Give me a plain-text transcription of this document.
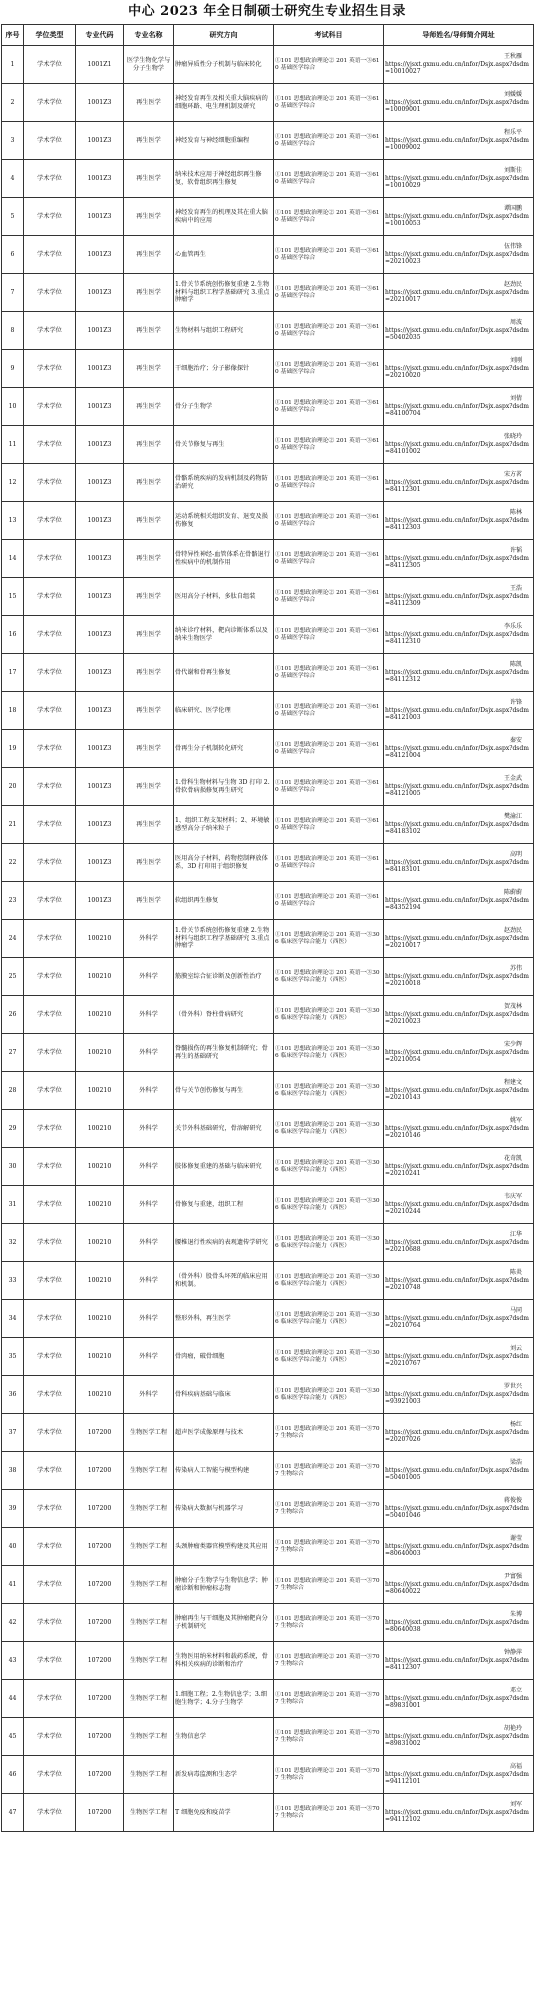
中心 2023 年全日制硕士研究生专业招生目录
序号	学位类型	专业代码	专业名称	研究方向	考试科目	导师姓名/导师简介网址
1	学术学位	1001Z1	医学生物化学与分子生物学	肿瘤异质性分子机制与临床转化	①101 思想政治理论② 201 英语一③610 基础医学综合	王秋雁
https://yjsxt.gxmu.edu.cn/infor/Dsjx.aspx?dsdm=10010027

2	学术学位	1001Z3	再生医学	神经发育再生及相关重大脑疾病的细胞环路、电生理机制及研究	①101 思想政治理论② 201 英语一③610 基础医学综合	刘媛媛
https://yjsxt.gxmu.edu.cn/infor/Dsjx.aspx?dsdm=10009001

3	学术学位	1001Z3	再生医学	神经发育与神经细胞重编程	①101 思想政治理论② 201 英语一③610 基础医学综合	程乐平
https://yjsxt.gxmu.edu.cn/infor/Dsjx.aspx?dsdm=10009002

4	学术学位	1001Z3	再生医学	纳米技术应用于神经组织再生修复，软骨组织再生修复	①101 思想政治理论② 201 英语一③610 基础医学综合	刘斯佳
https://yjsxt.gxmu.edu.cn/infor/Dsjx.aspx?dsdm=10010029

5	学术学位	1001Z3	再生医学	神经发育再生的机理及其在重大脑疾病中的应用	①101 思想政治理论② 201 英语一③610 基础医学综合	谭国鹏
https://yjsxt.gxmu.edu.cn/infor/Dsjx.aspx?dsdm=10010053

6	学术学位	1001Z3	再生医学	心血管再生	①101 思想政治理论② 201 英语一③610 基础医学综合	伍伟锋
https://yjsxt.gxmu.edu.cn/infor/Dsjx.aspx?dsdm=20210023

7	学术学位	1001Z3	再生医学	1.骨关节系统创伤修复重建 2.生物材料与组织工程学基础研究 3.重点肿瘤学	①101 思想政治理论② 201 英语一③610 基础医学综合	赵劲民
https://yjsxt.gxmu.edu.cn/infor/Dsjx.aspx?dsdm=20210017

8	学术学位	1001Z3	再生医学	生物材料与组织工程研究	①101 思想政治理论② 201 英语一③610 基础医学综合	周波
https://yjsxt.gxmu.edu.cn/infor/Dsjx.aspx?dsdm=50402035

9	学术学位	1001Z3	再生医学	干细胞治疗；分子影像探针	①101 思想政治理论② 201 英语一③610 基础医学综合	刘刚
https://yjsxt.gxmu.edu.cn/infor/Dsjx.aspx?dsdm=20210020

10	学术学位	1001Z3	再生医学	骨分子生物学	①101 思想政治理论② 201 英语一③610 基础医学综合	刘倩
https://yjsxt.gxmu.edu.cn/infor/Dsjx.aspx?dsdm=84100704

11	学术学位	1001Z3	再生医学	骨关节修复与再生	①101 思想政治理论② 201 英语一③610 基础医学综合	张晓玲
https://yjsxt.gxmu.edu.cn/infor/Dsjx.aspx?dsdm=84101002

12	学术学位	1001Z3	再生医学	骨骼系统疾病的发病机制及药物防治研究	①101 思想政治理论② 201 英语一③610 基础医学综合	宋方茗
https://yjsxt.gxmu.edu.cn/infor/Dsjx.aspx?dsdm=84112301

13	学术学位	1001Z3	再生医学	运动系统相关组织发育、退变及损伤修复	①101 思想政治理论② 201 英语一③610 基础医学综合	陈林
https://yjsxt.gxmu.edu.cn/infor/Dsjx.aspx?dsdm=84112303

14	学术学位	1001Z3	再生医学	骨特异性神经-血管体系在骨骼退行性疾病中的机制作用	①101 思想政治理论② 201 英语一③610 基础医学综合	许韬
https://yjsxt.gxmu.edu.cn/infor/Dsjx.aspx?dsdm=84112305

15	学术学位	1001Z3	再生医学	医用高分子材料，多肽自组装	①101 思想政治理论② 201 英语一③610 基础医学综合	王浩
https://yjsxt.gxmu.edu.cn/infor/Dsjx.aspx?dsdm=84112309

16	学术学位	1001Z3	再生医学	纳米诊疗材料，靶向诊断体系以及纳米生物医学	①101 思想政治理论② 201 英语一③610 基础医学综合	李乐乐
https://yjsxt.gxmu.edu.cn/infor/Dsjx.aspx?dsdm=84112310

17	学术学位	1001Z3	再生医学	骨代谢和骨再生修复	①101 思想政治理论② 201 英语一③610 基础医学综合	陈凯
https://yjsxt.gxmu.edu.cn/infor/Dsjx.aspx?dsdm=84112312

18	学术学位	1001Z3	再生医学	临床研究、医学伦理	①101 思想政治理论② 201 英语一③610 基础医学综合	许锋
https://yjsxt.gxmu.edu.cn/infor/Dsjx.aspx?dsdm=84121003

19	学术学位	1001Z3	再生医学	骨再生分子机制转化研究	①101 思想政治理论② 201 英语一③610 基础医学综合	秦安
https://yjsxt.gxmu.edu.cn/infor/Dsjx.aspx?dsdm=84121004

20	学术学位	1001Z3	再生医学	1.骨科生物材料与生物 3D 打印 2.骨软骨病损修复再生研究	①101 思想政治理论② 201 英语一③610 基础医学综合	王金武
https://yjsxt.gxmu.edu.cn/infor/Dsjx.aspx?dsdm=84121005

21	学术学位	1001Z3	再生医学	1、组织工程支架材料；2、环境敏感型高分子纳米粒子	①101 思想政治理论② 201 英语一③610 基础医学综合	樊渝江
https://yjsxt.gxmu.edu.cn/infor/Dsjx.aspx?dsdm=84183102

22	学术学位	1001Z3	再生医学	医用高分子材料，药物控制释放体系，3D 打印用于组织修复	①101 思想政治理论② 201 英语一③610 基础医学综合	高明
https://yjsxt.gxmu.edu.cn/infor/Dsjx.aspx?dsdm=84183101

23	学术学位	1001Z3	再生医学	软组织再生修复	①101 思想政治理论② 201 英语一③610 基础医学综合	陈蔚蔚
https://yjsxt.gxmu.edu.cn/infor/Dsjx.aspx?dsdm=84352194

24	学术学位	100210	外科学	1.骨关节系统创伤修复重建 2.生物材料与组织工程学基础研究 3.重点肿瘤学	①101 思想政治理论② 201 英语一③306 临床医学综合能力（西医）	赵劲民
https://yjsxt.gxmu.edu.cn/infor/Dsjx.aspx?dsdm=20210017

25	学术学位	100210	外科学	筋膜室综合征诊断及创新性治疗	①101 思想政治理论② 201 英语一③306 临床医学综合能力（西医）	苏伟
https://yjsxt.gxmu.edu.cn/infor/Dsjx.aspx?dsdm=20210018

26	学术学位	100210	外科学	（骨外科）脊柱骨病研究	①101 思想政治理论② 201 英语一③306 临床医学综合能力（西医）	贺茂林
https://yjsxt.gxmu.edu.cn/infor/Dsjx.aspx?dsdm=20210023

27	学术学位	100210	外科学	脊髓损伤的再生修复机制研究；骨再生的基础研究	①101 思想政治理论② 201 英语一③306 临床医学综合能力（西医）	宋少辉
https://yjsxt.gxmu.edu.cn/infor/Dsjx.aspx?dsdm=20210054

28	学术学位	100210	外科学	骨与关节创伤修复与再生	①101 思想政治理论② 201 英语一③306 临床医学综合能力（西医）	程建文
https://yjsxt.gxmu.edu.cn/infor/Dsjx.aspx?dsdm=20210143

29	学术学位	100210	外科学	关节外科基础研究，骨溶解研究	①101 思想政治理论② 201 英语一③306 临床医学综合能力（西医）	姚军
https://yjsxt.gxmu.edu.cn/infor/Dsjx.aspx?dsdm=20210146

30	学术学位	100210	外科学	肢体修复重建的基础与临床研究	①101 思想政治理论② 201 英语一③306 临床医学综合能力（西医）	花奇凯
https://yjsxt.gxmu.edu.cn/infor/Dsjx.aspx?dsdm=20210241

31	学术学位	100210	外科学	骨修复与重建，组织工程	①101 思想政治理论② 201 英语一③306 临床医学综合能力（西医）	韦庆军
https://yjsxt.gxmu.edu.cn/infor/Dsjx.aspx?dsdm=20210244

32	学术学位	100210	外科学	腰椎退行性疾病的表观遗传学研究	①101 思想政治理论② 201 英语一③306 临床医学综合能力（西医）	江华
https://yjsxt.gxmu.edu.cn/infor/Dsjx.aspx?dsdm=20210688

33	学术学位	100210	外科学	（骨外科）股骨头坏死的临床应用和机制。	①101 思想政治理论② 201 英语一③306 临床医学综合能力（西医）	陈炎
https://yjsxt.gxmu.edu.cn/infor/Dsjx.aspx?dsdm=20210748

34	学术学位	100210	外科学	整形外科，再生医学	①101 思想政治理论② 201 英语一③306 临床医学综合能力（西医）	马同
https://yjsxt.gxmu.edu.cn/infor/Dsjx.aspx?dsdm=20210764

35	学术学位	100210	外科学	骨肉瘤，破骨细胞	①101 思想政治理论② 201 英语一③306 临床医学综合能力（西医）	刘云
https://yjsxt.gxmu.edu.cn/infor/Dsjx.aspx?dsdm=20210767

36	学术学位	100210	外科学	骨科疾病基础与临床	①101 思想政治理论② 201 英语一③306 临床医学综合能力（西医）	罗世兴
https://yjsxt.gxmu.edu.cn/infor/Dsjx.aspx?dsdm=93921003

37	学术学位	107200	生物医学工程	超声医学成像原理与技术	①101 思想政治理论② 201 英语一③707 生物综合	杨红
https://yjsxt.gxmu.edu.cn/infor/Dsjx.aspx?dsdm=20207026

38	学术学位	107200	生物医学工程	传染病人工智能与模型构建	①101 思想政治理论② 201 英语一③707 生物综合	梁浩
https://yjsxt.gxmu.edu.cn/infor/Dsjx.aspx?dsdm=50401005

39	学术学位	107200	生物医学工程	传染病大数据与机器学习	①101 思想政治理论② 201 英语一③707 生物综合	蒋俊俊
https://yjsxt.gxmu.edu.cn/infor/Dsjx.aspx?dsdm=50401046

40	学术学位	107200	生物医学工程	头颈肿瘤类器官模型构建及其应用	①101 思想政治理论② 201 英语一③707 生物综合	谢莹
https://yjsxt.gxmu.edu.cn/infor/Dsjx.aspx?dsdm=80640003

41	学术学位	107200	生物医学工程	肿瘤分子生物学与生物信息学；肿瘤诊断和肿瘤标志物	①101 思想政治理论② 201 英语一③707 生物综合	尹富强
https://yjsxt.gxmu.edu.cn/infor/Dsjx.aspx?dsdm=80640022

42	学术学位	107200	生物医学工程	肿瘤再生与干细胞及其肿瘤靶向分子机制研究	①101 思想政治理论② 201 英语一③707 生物综合	朱博
https://yjsxt.gxmu.edu.cn/infor/Dsjx.aspx?dsdm=80640038

43	学术学位	107200	生物医学工程	生物医用纳米材料和载药系统，骨科相关疾病的诊断和治疗	①101 思想政治理论② 201 英语一③707 生物综合	钟静萍
https://yjsxt.gxmu.edu.cn/infor/Dsjx.aspx?dsdm=84112307

44	学术学位	107200	生物医学工程	1.细胞工程；2.生物信息学；3.细胞生物学；4.分子生物学	①101 思想政治理论② 201 英语一③707 生物综合	邓立
https://yjsxt.gxmu.edu.cn/infor/Dsjx.aspx?dsdm=89831001

45	学术学位	107200	生物医学工程	生物信息学	①101 思想政治理论② 201 英语一③707 生物综合	胡艳玲
https://yjsxt.gxmu.edu.cn/infor/Dsjx.aspx?dsdm=89831002

46	学术学位	107200	生物医学工程	新发病毒监测和生态学	①101 思想政治理论② 201 英语一③707 生物综合	高福
https://yjsxt.gxmu.edu.cn/infor/Dsjx.aspx?dsdm=94112101

47	学术学位	107200	生物医学工程	T 细胞免疫和疫苗学	①101 思想政治理论② 201 英语一③707 生物综合	刘军
https://yjsxt.gxmu.edu.cn/infor/Dsjx.aspx?dsdm=94112102
